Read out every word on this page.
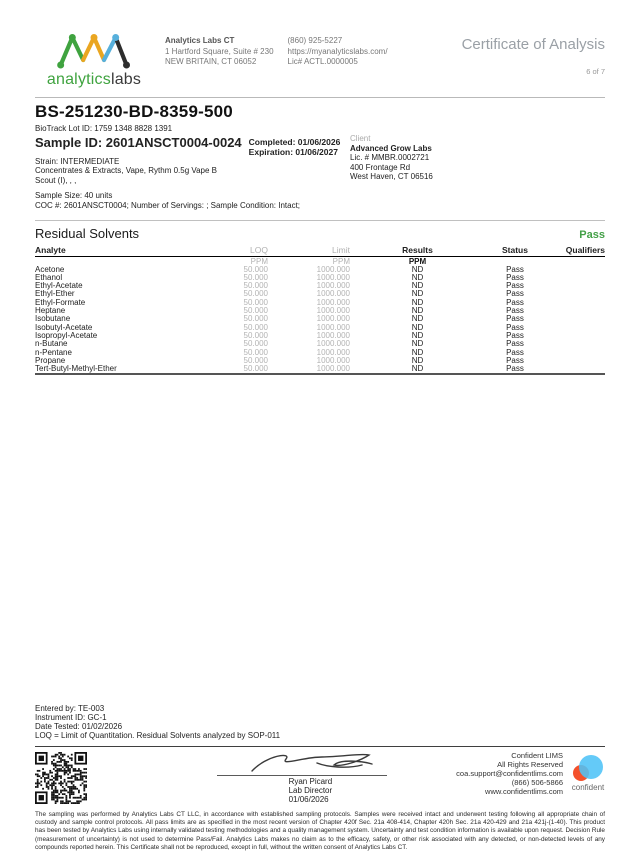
analyticslabs
Analytics Labs CT
1 Hartford Square, Suite # 230
NEW BRITAIN, CT 06052
(860) 925-5227
https://myanalyticslabs.com/
Lic# ACTL.0000005
Certificate of Analysis
6 of 7
BS-251230-BD-8359-500
BioTrack Lot ID: 1759 1348 8828 1391
Sample ID: 2601ANSCT0004-0024 Completed: 01/06/2026
Expiration: 01/06/2027
Strain: INTERMEDIATE
Concentrates & Extracts, Vape, Rythm 0.5g Vape B Scout (I), , ,
Sample Size: 40 units
COC #: 2601ANSCT0004; Number of Servings: ; Sample Condition: Intact;
Client
Advanced Grow Labs
Lic. # MMBR.0002721
400 Frontage Rd
West Haven, CT 06516
Residual Solvents	Pass
Analyte	LOQ	Limit	Results	Status	Qualifiers
	PPM	PPM	PPM		
Acetone	50.000	1000.000	ND	Pass	
Ethanol	50.000	1000.000	ND	Pass	
Ethyl-Acetate	50.000	1000.000	ND	Pass	
Ethyl-Ether	50.000	1000.000	ND	Pass	
Ethyl-Formate	50.000	1000.000	ND	Pass	
Heptane	50.000	1000.000	ND	Pass	
Isobutane	50.000	1000.000	ND	Pass	
Isobutyl-Acetate	50.000	1000.000	ND	Pass	
Isopropyl-Acetate	50.000	1000.000	ND	Pass	
n-Butane	50.000	1000.000	ND	Pass	
n-Pentane	50.000	1000.000	ND	Pass	
Propane	50.000	1000.000	ND	Pass	
Tert-Butyl-Methyl-Ether	50.000	1000.000	ND	Pass	
Entered by: TE-003
Instrument ID: GC-1
Date Tested: 01/02/2026
LOQ = Limit of Quantitation. Residual Solvents analyzed by SOP-011
Ryan Picard
Lab Director
01/06/2026
Confident LIMS
All Rights Reserved
coa.support@confidentlims.com
(866) 506-5866
www.confidentlims.com
confident
The sampling was performed by Analytics Labs CT LLC, in accordance with established sampling protocols. Samples were received intact and underwent testing following all appropriate chain of custody and sample control protocols. All pass limits are as specified in the most recent version of Chapter 420f Sec. 21a 408-414, Chapter 420h Sec. 21a 420-429 and 21a 421j-(1-40). This product has been tested by Analytics Labs using internally validated testing methodologies and a quality management system. Uncertainty and test condition information is available upon request. Decision Rule (measurement of uncertainty) is not used to determine Pass/Fail. Analytics Labs makes no claim as to the efficacy, safety, or other risk associated with any detected, or non-detected levels of any compounds reported herein. This Certificate shall not be reproduced, except in full, without the written consent of Analytics Labs CT.
